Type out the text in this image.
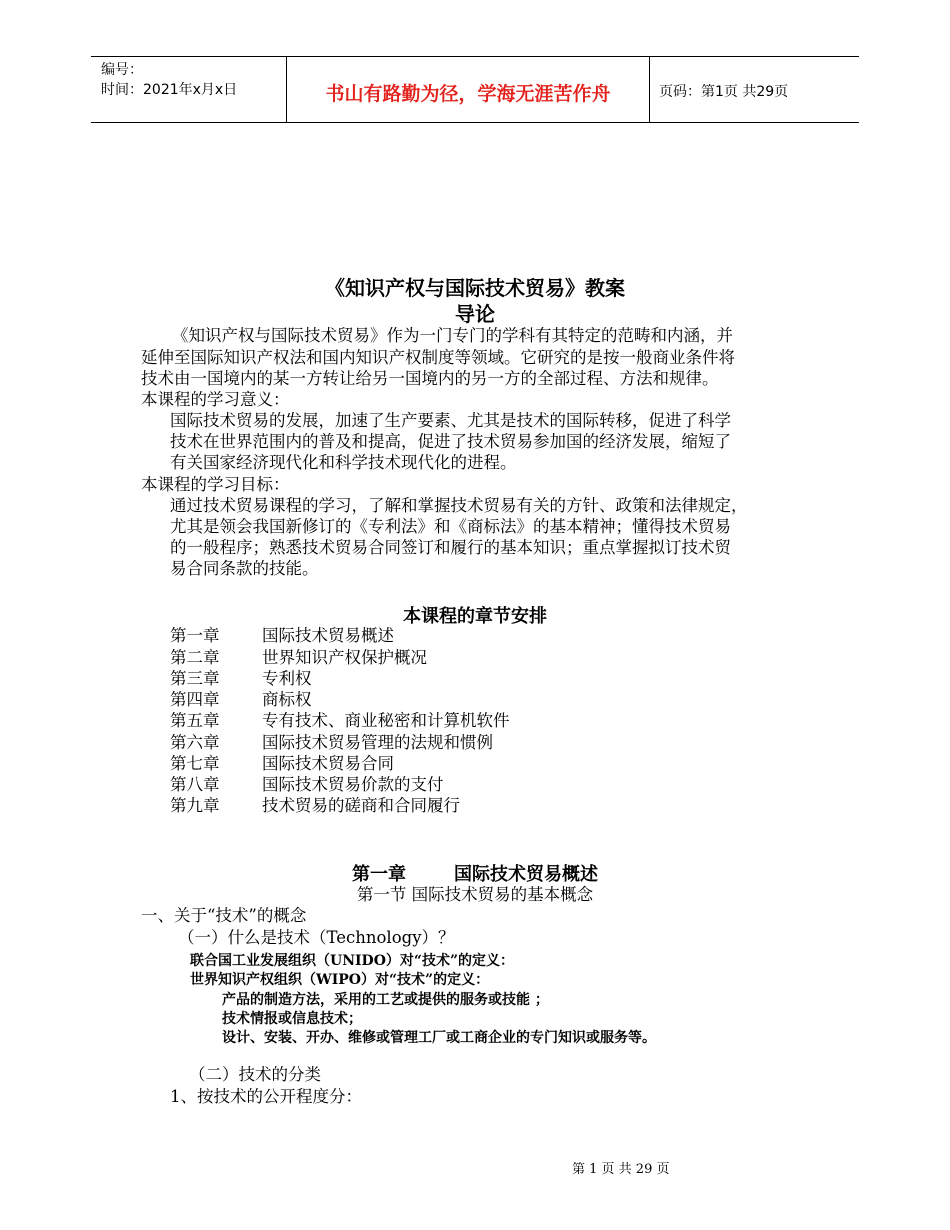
编号：
时间：2021年x月x日	书山有路勤为径，学海无涯苦作舟	页码：第1页 共29页
《知识产权与国际技术贸易》教案
导论
《知识产权与国际技术贸易》作为一门专门的学科有其特定的范畴和内涵，并
延伸至国际知识产权法和国内知识产权制度等领域。它研究的是按一般商业条件将
技术由一国境内的某一方转让给另一国境内的另一方的全部过程、方法和规律。
本课程的学习意义：
国际技术贸易的发展，加速了生产要素、尤其是技术的国际转移，促进了科学
技术在世界范围内的普及和提高，促进了技术贸易参加国的经济发展，缩短了
有关国家经济现代化和科学技术现代化的进程。
本课程的学习目标：
通过技术贸易课程的学习，了解和掌握技术贸易有关的方针、政策和法律规定，
尤其是领会我国新修订的《专利法》和《商标法》的基本精神；懂得技术贸易
的一般程序；熟悉技术贸易合同签订和履行的基本知识；重点掌握拟订技术贸
易合同条款的技能。
本课程的章节安排
第一章	国际技术贸易概述
第二章	世界知识产权保护概况
第三章	专利权
第四章	商标权
第五章	专有技术、商业秘密和计算机软件
第六章	国际技术贸易管理的法规和惯例
第七章	国际技术贸易合同
第八章	国际技术贸易价款的支付
第九章	技术贸易的磋商和合同履行
第一章	国际技术贸易概述
第一节 国际技术贸易的基本概念
一、关于“技术”的概念
（一）什么是技术（Technology）？
联合国工业发展组织（UNIDO）对“技术”的定义：
世界知识产权组织（WIPO）对“技术”的定义：
产品的制造方法，采用的工艺或提供的服务或技能 ；
技术情报或信息技术；
设计、安装、开办、维修或管理工厂或工商企业的专门知识或服务等。
（二）技术的分类
1、按技术的公开程度分：
第 1 页 共 29 页
